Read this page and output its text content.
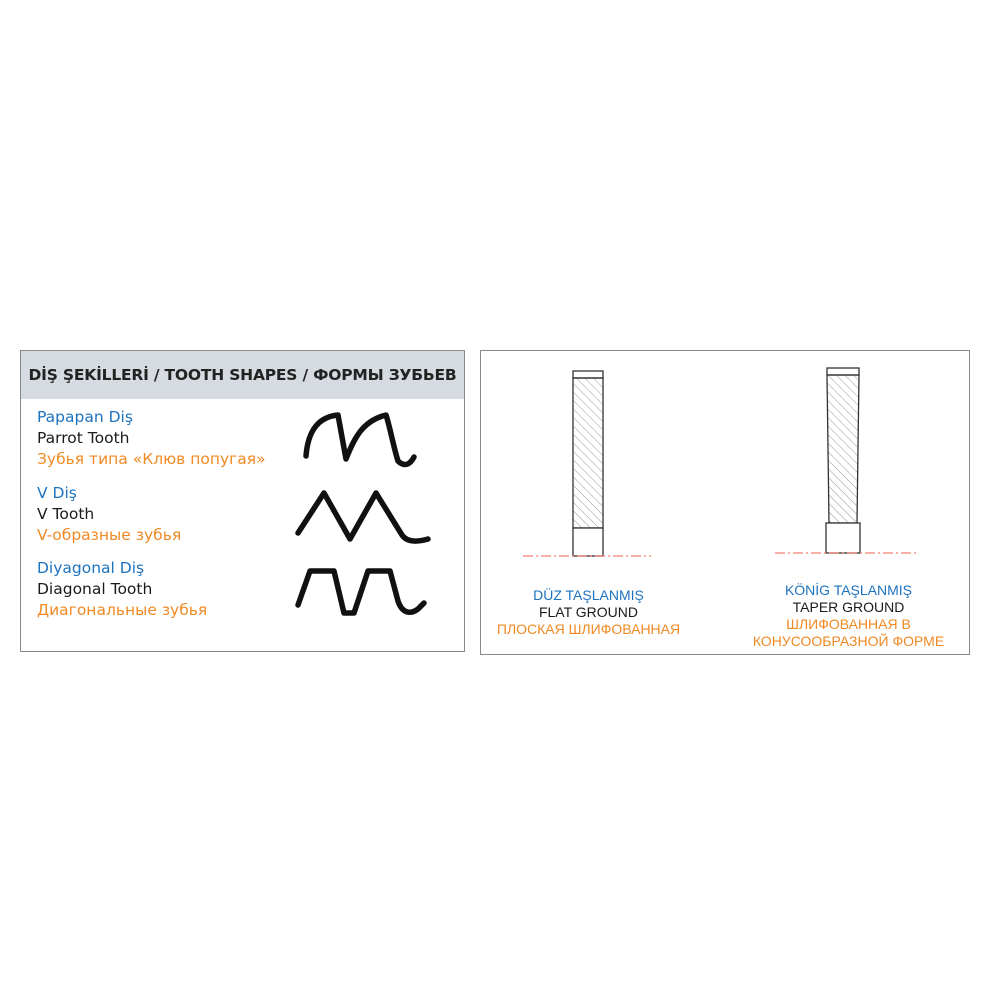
DİŞ ŞEKİLLERİ / TOOTH SHAPES / ФОРМЫ ЗУБЬЕВ
Papapan Diş
Parrot Tooth
Зубья типа «Клюв попугая»
V Diş
V Tooth
V-образные зубья
Diyagonal Diş
Diagonal Tooth
Диагональные зубья
DÜZ TAŞLANMIŞ
FLAT GROUND
ПЛОСКАЯ ШЛИФОВАННАЯ
KÖNİG TAŞLANMIŞ
TAPER GROUND
ШЛИФОВАННАЯ В
КОНУСООБРАЗНОЙ ФОРМЕ
